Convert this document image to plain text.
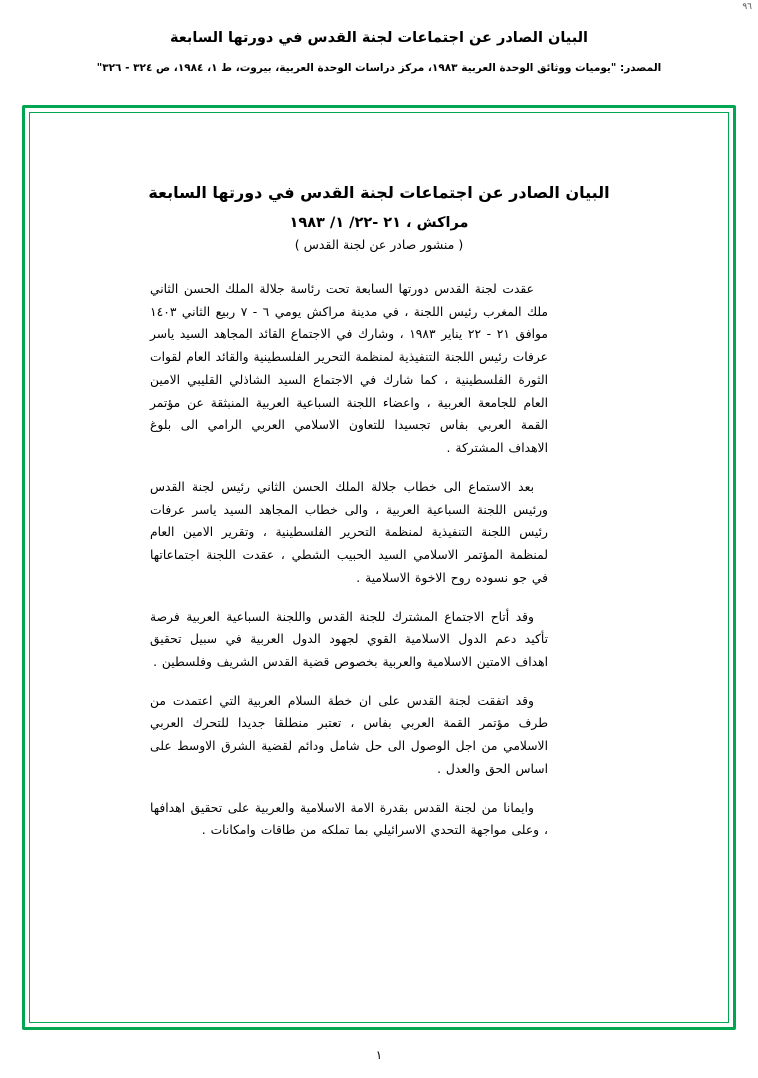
٩٦
البيان الصادر عن اجتماعات لجنة القدس في دورتها السابعة
المصدر: "يوميات ووثائق الوحدة العربية ١٩٨٣، مركز دراسات الوحدة العربية، بيروت، ط ١، ١٩٨٤، ص ٣٢٤ - ٣٢٦"
البيان الصادر عن اجتماعات لجنة القدس في دورتها السابعة
مراكش ، ٢١ -٢٢/ ١/ ١٩٨٣
( منشور صادر عن لجنة القدس )

عقدت لجنة القدس دورتها السابعة تحت رئاسة جلالة الملك الحسن الثاني ملك المغرب رئيس اللجنة ، في مدينة مراكش يومي ٦ - ٧ ربيع الثاني ١٤٠٣ موافق ٢١ - ٢٢ يناير ١٩٨٣ ، وشارك في الاجتماع القائد المجاهد السيد ياسر عرفات رئيس اللجنة التنفيذية لمنظمة التحرير الفلسطينية والقائد العام لقوات الثورة الفلسطينية ، كما شارك في الاجتماع السيد الشاذلي القليبي الامين العام للجامعة العربية ، واعضاء اللجنة السباعية العربية المنبثقة عن مؤتمر القمة العربي بفاس تجسيدا للتعاون الاسلامي العربي الرامي الى بلوغ الاهداف المشتركة .

بعد الاستماع الى خطاب جلالة الملك الحسن الثاني رئيس لجنة القدس ورئيس اللجنة السباعية العربية ، والى خطاب المجاهد السيد ياسر عرفات رئيس اللجنة التنفيذية لمنظمة التحرير الفلسطينية ، وتقرير الامين العام لمنظمة المؤتمر الاسلامي السيد الحبيب الشطي ، عقدت اللجنة اجتماعاتها في جو نسوده روح الاخوة الاسلامية .

وقد أتاح الاجتماع المشترك للجنة القدس واللجنة السباعية العربية فرصة تأكيد دعم الدول الاسلامية القوي لجهود الدول العربية في سبيل تحقيق اهداف الامتين الاسلامية والعربية بخصوص قضية القدس الشريف وفلسطين .

وقد اتفقت لجنة القدس على ان خطة السلام العربية التي اعتمدت من طرف مؤتمر القمة العربي بفاس ، تعتبر منطلقا جديدا للتحرك العربي الاسلامي من اجل الوصول الى حل شامل ودائم لقضية الشرق الاوسط على اساس الحق والعدل .

وايمانا من لجنة القدس بقدرة الامة الاسلامية والعربية على تحقيق اهدافها ، وعلى مواجهة التحدي الاسرائيلي بما تملكه من طاقات وامكانات .

١
